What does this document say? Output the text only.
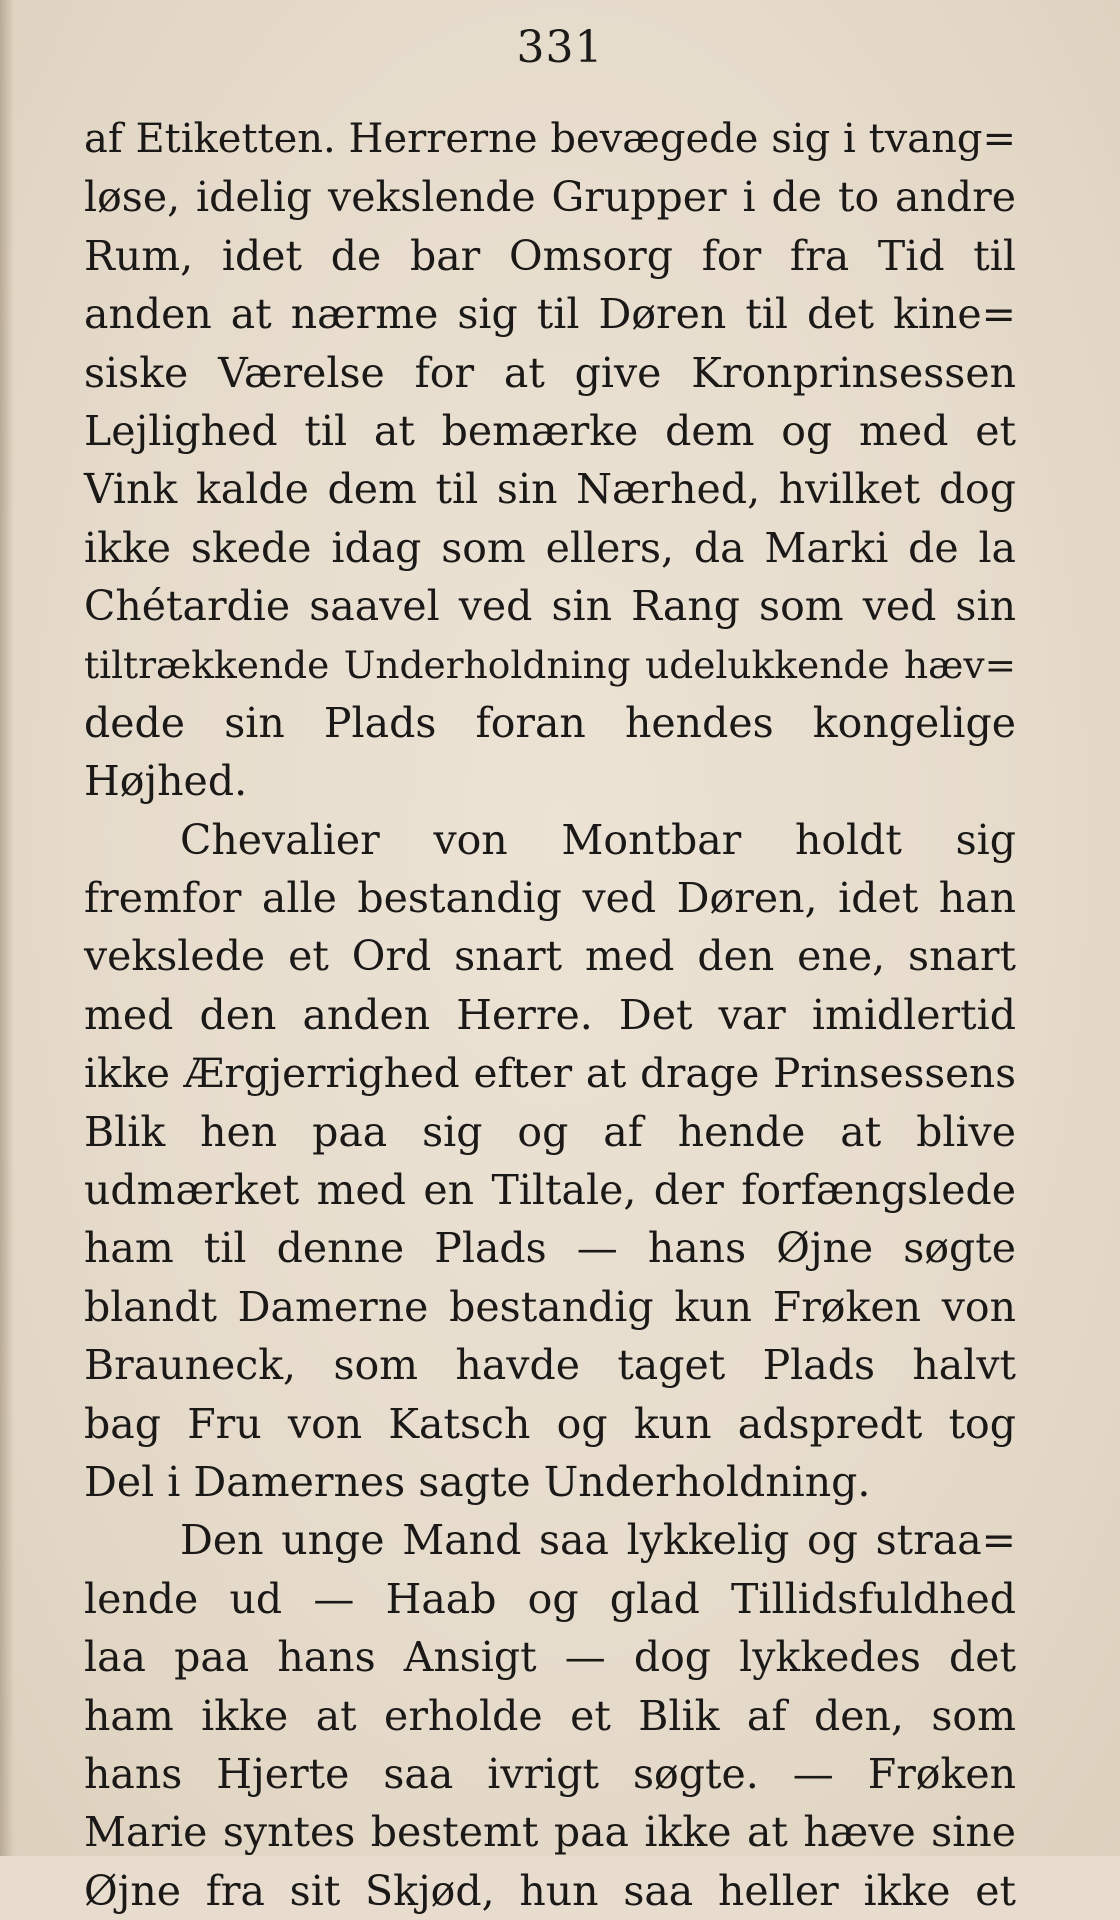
331
af Etiketten. Herrerne bevægede sig i tvang=
løse, idelig vekslende Grupper i de to andre
Rum, idet de bar Omsorg for fra Tid til
anden at nærme sig til Døren til det kine=
siske Værelse for at give Kronprinsessen
Lejlighed til at bemærke dem og med et
Vink kalde dem til sin Nærhed, hvilket dog
ikke skede idag som ellers, da Marki de la
Chétardie saavel ved sin Rang som ved sin
tiltrækkende Underholdning udelukkende hæv=
dede sin Plads foran hendes kongelige
Højhed.
Chevalier von Montbar holdt sig
fremfor alle bestandig ved Døren, idet han
vekslede et Ord snart med den ene, snart
med den anden Herre. Det var imidlertid
ikke Ærgjerrighed efter at drage Prinsessens
Blik hen paa sig og af hende at blive
udmærket med en Tiltale, der forfængslede
ham til denne Plads — hans Øjne søgte
blandt Damerne bestandig kun Frøken von
Brauneck, som havde taget Plads halvt
bag Fru von Katsch og kun adspredt tog
Del i Damernes sagte Underholdning.
Den unge Mand saa lykkelig og straa=
lende ud — Haab og glad Tillidsfuldhed
laa paa hans Ansigt — dog lykkedes det
ham ikke at erholde et Blik af den, som
hans Hjerte saa ivrigt søgte. — Frøken
Marie syntes bestemt paa ikke at hæve sine
Øjne fra sit Skjød, hun saa heller ikke et
